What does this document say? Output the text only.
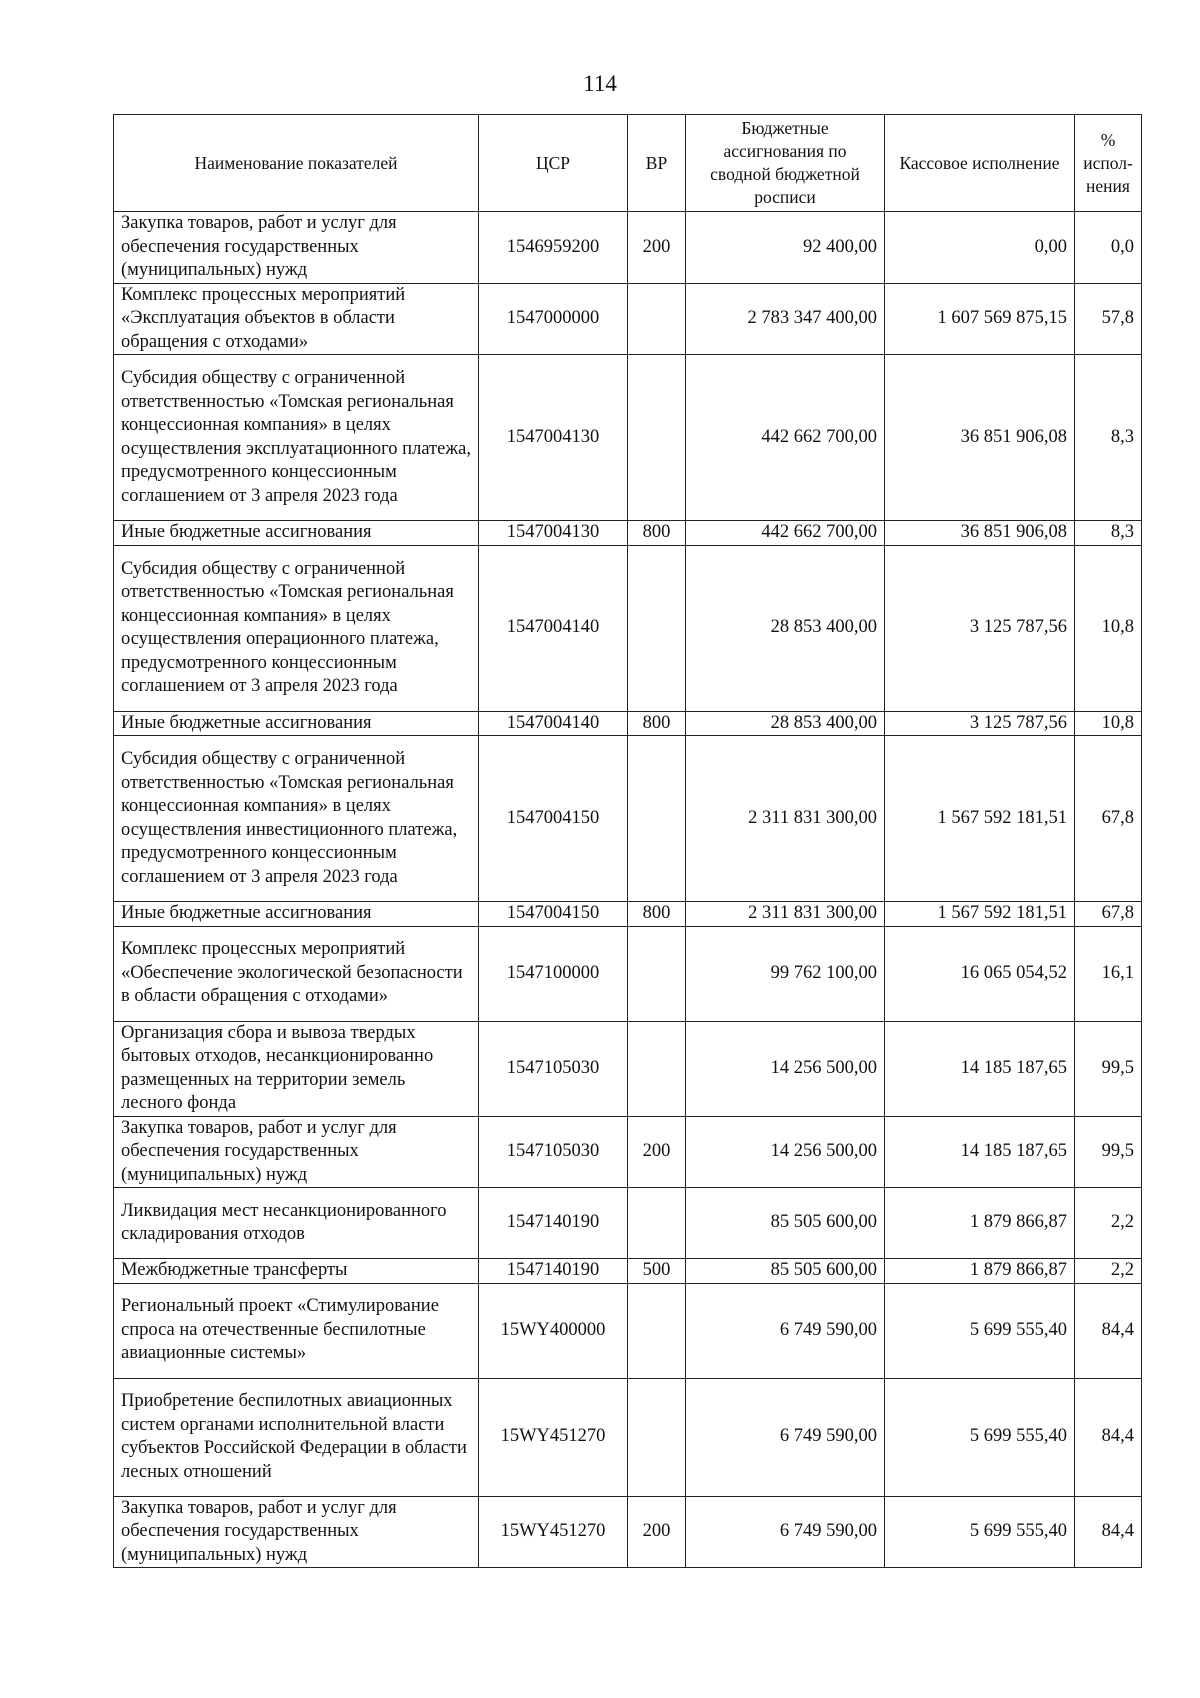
114
Наименование показателей	ЦСР	ВР	Бюджетные ассигнования по сводной бюджетной росписи	Кассовое исполнение	% испол-нения
Закупка товаров, работ и услуг для обеспечения государственных (муниципальных) нужд	1546959200	200	92 400,00	0,00	0,0
Комплекс процессных мероприятий «Эксплуатация объектов в области обращения с отходами»	1547000000		2 783 347 400,00	1 607 569 875,15	57,8
Субсидия обществу с ограниченной ответственностью «Томская региональная концессионная компания» в целях осуществления эксплуатационного платежа, предусмотренного концессионным соглашением от 3 апреля 2023 года	1547004130		442 662 700,00	36 851 906,08	8,3
Иные бюджетные ассигнования	1547004130	800	442 662 700,00	36 851 906,08	8,3
Субсидия обществу с ограниченной ответственностью «Томская региональная концессионная компания» в целях осуществления операционного платежа, предусмотренного концессионным соглашением от 3 апреля 2023 года	1547004140		28 853 400,00	3 125 787,56	10,8
Иные бюджетные ассигнования	1547004140	800	28 853 400,00	3 125 787,56	10,8
Субсидия обществу с ограниченной ответственностью «Томская региональная концессионная компания» в целях осуществления инвестиционного платежа, предусмотренного концессионным соглашением от 3 апреля 2023 года	1547004150		2 311 831 300,00	1 567 592 181,51	67,8
Иные бюджетные ассигнования	1547004150	800	2 311 831 300,00	1 567 592 181,51	67,8
Комплекс процессных мероприятий «Обеспечение экологической безопасности в области обращения с отходами»	1547100000		99 762 100,00	16 065 054,52	16,1
Организация сбора и вывоза твердых бытовых отходов, несанкционированно размещенных на территории земель лесного фонда	1547105030		14 256 500,00	14 185 187,65	99,5
Закупка товаров, работ и услуг для обеспечения государственных (муниципальных) нужд	1547105030	200	14 256 500,00	14 185 187,65	99,5
Ликвидация мест несанкционированного складирования отходов	1547140190		85 505 600,00	1 879 866,87	2,2
Межбюджетные трансферты	1547140190	500	85 505 600,00	1 879 866,87	2,2
Региональный проект «Стимулирование спроса на отечественные беспилотные авиационные системы»	15WY400000		6 749 590,00	5 699 555,40	84,4
Приобретение беспилотных авиационных систем органами исполнительной власти субъектов Российской Федерации в области лесных отношений	15WY451270		6 749 590,00	5 699 555,40	84,4
Закупка товаров, работ и услуг для обеспечения государственных (муниципальных) нужд	15WY451270	200	6 749 590,00	5 699 555,40	84,4
